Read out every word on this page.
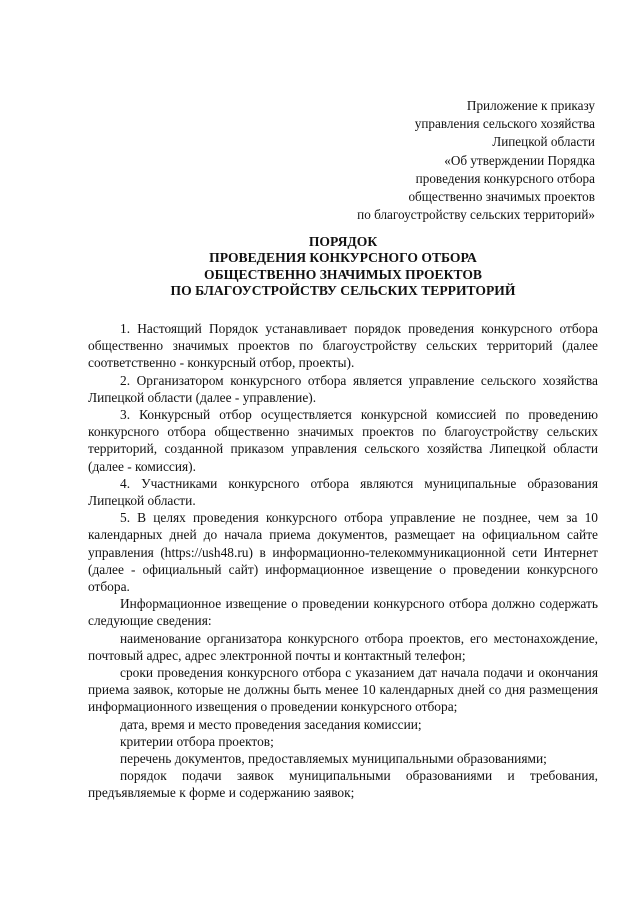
Приложение к приказу
управления сельского хозяйства
Липецкой области
«Об утверждении Порядка
проведения конкурсного отбора
общественно значимых проектов
по благоустройству сельских территорий»
ПОРЯДОК
ПРОВЕДЕНИЯ КОНКУРСНОГО ОТБОРА
ОБЩЕСТВЕННО ЗНАЧИМЫХ ПРОЕКТОВ
ПО БЛАГОУСТРОЙСТВУ СЕЛЬСКИХ ТЕРРИТОРИЙ

1. Настоящий Порядок устанавливает порядок проведения конкурсного отбора общественно значимых проектов по благоустройству сельских территорий (далее соответственно - конкурсный отбор, проекты).

2. Организатором конкурсного отбора является управление сельского хозяйства Липецкой области (далее - управление).

3. Конкурсный отбор осуществляется конкурсной комиссией по проведению конкурсного отбора общественно значимых проектов по благоустройству сельских территорий, созданной приказом управления сельского хозяйства Липецкой области (далее - комиссия).

4. Участниками конкурсного отбора являются муниципальные образования Липецкой области.

5. В целях проведения конкурсного отбора управление не позднее, чем за 10 календарных дней до начала приема документов, размещает на официальном сайте управления (https://ush48.ru) в информационно-телекоммуникационной сети Интернет (далее - официальный сайт) информационное извещение о проведении конкурсного отбора.

Информационное извещение о проведении конкурсного отбора должно содержать следующие сведения:

наименование организатора конкурсного отбора проектов, его местонахождение, почтовый адрес, адрес электронной почты и контактный телефон;

сроки проведения конкурсного отбора с указанием дат начала подачи и окончания приема заявок, которые не должны быть менее 10 календарных дней со дня размещения информационного извещения о проведении конкурсного отбора;

дата, время и место проведения заседания комиссии;

критерии отбора проектов;

перечень документов, предоставляемых муниципальными образованиями;

порядок подачи заявок муниципальными образованиями и требования, предъявляемые к форме и содержанию заявок;
